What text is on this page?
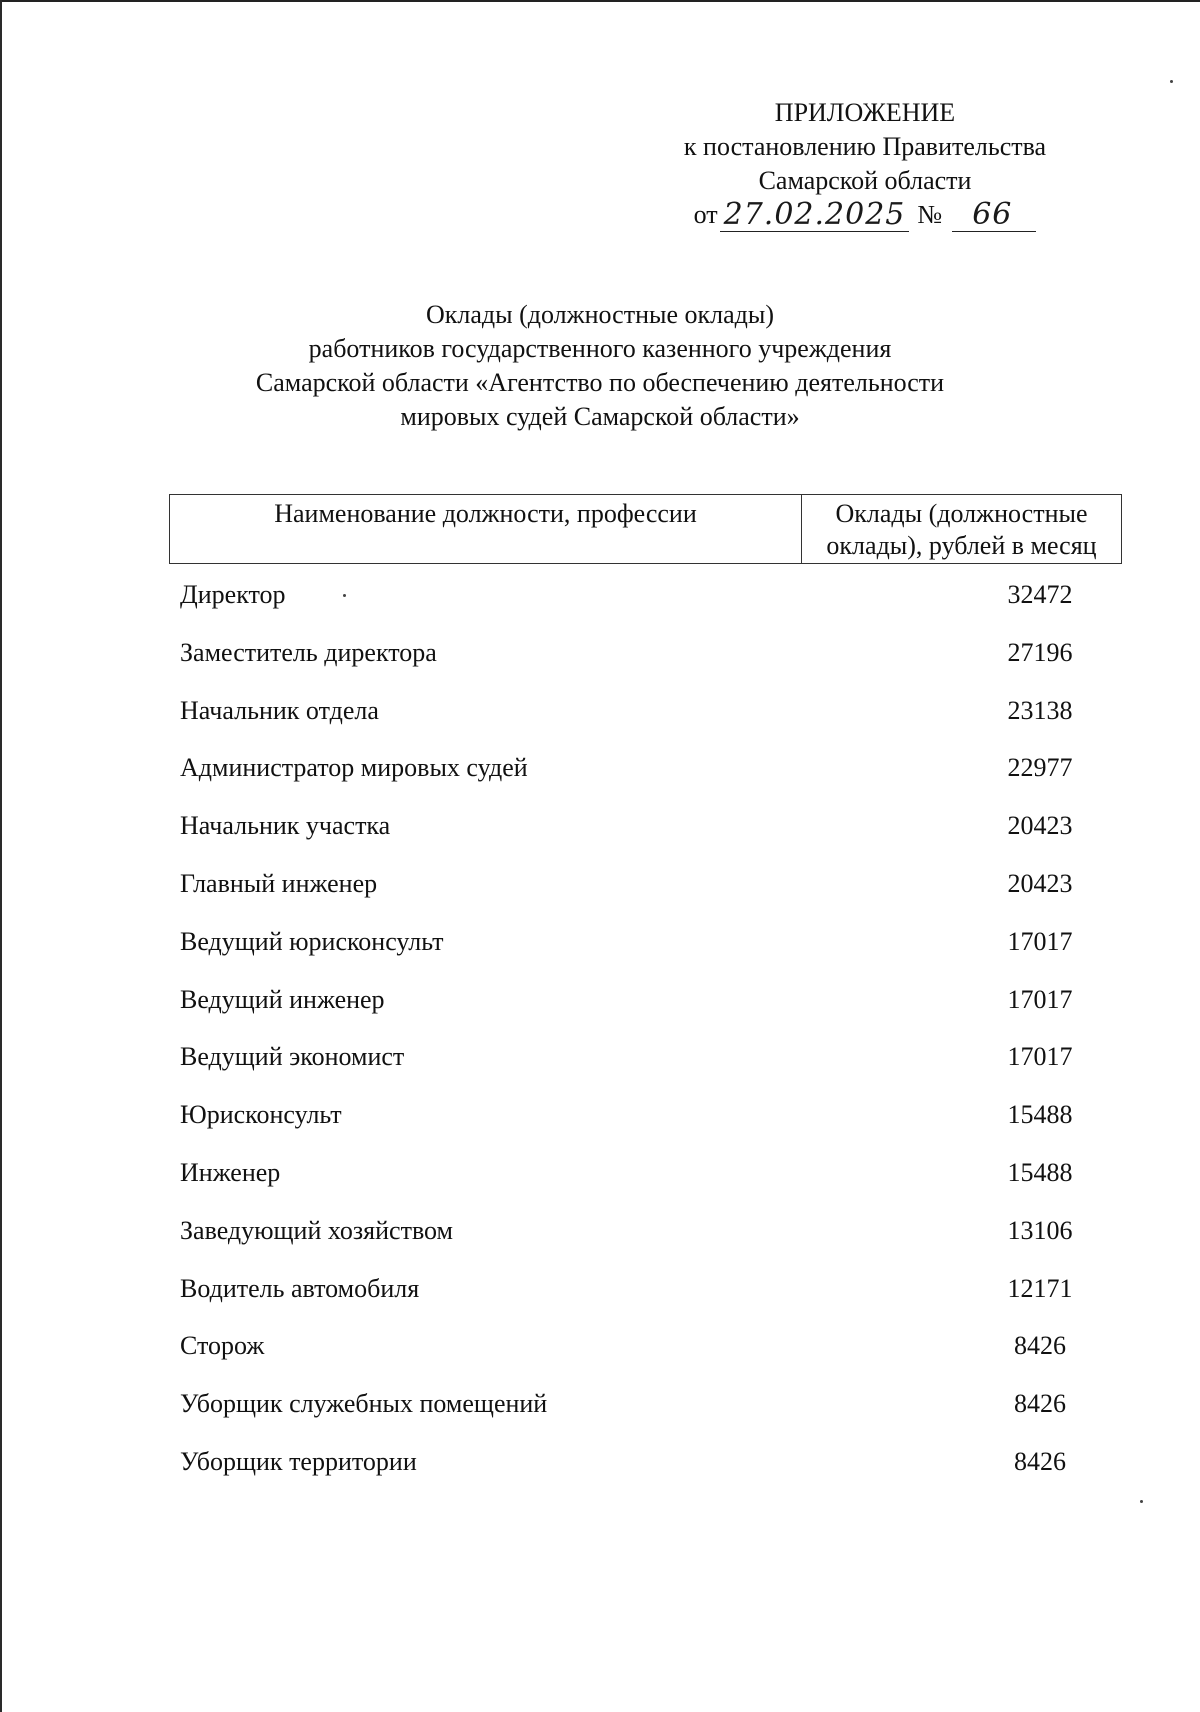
ПРИЛОЖЕНИЕ
к постановлению Правительства
Самарской области
от 27.02.2025 №	66
Оклады (должностные оклады)
работников государственного казенного учреждения
Самарской области «Агентство по обеспечению деятельности
мировых судей Самарской области»
Наименование должности, профессии	Оклады (должностные
оклады), рублей в месяц
Директор	32472
Заместитель директора	27196
Начальник отдела	23138
Администратор мировых судей	22977
Начальник участка	20423
Главный инженер	20423
Ведущий юрисконсульт	17017
Ведущий инженер	17017
Ведущий экономист	17017
Юрисконсульт	15488
Инженер	15488
Заведующий хозяйством	13106
Водитель автомобиля	12171
Сторож	8426
Уборщик служебных помещений	8426
Уборщик территории	8426
